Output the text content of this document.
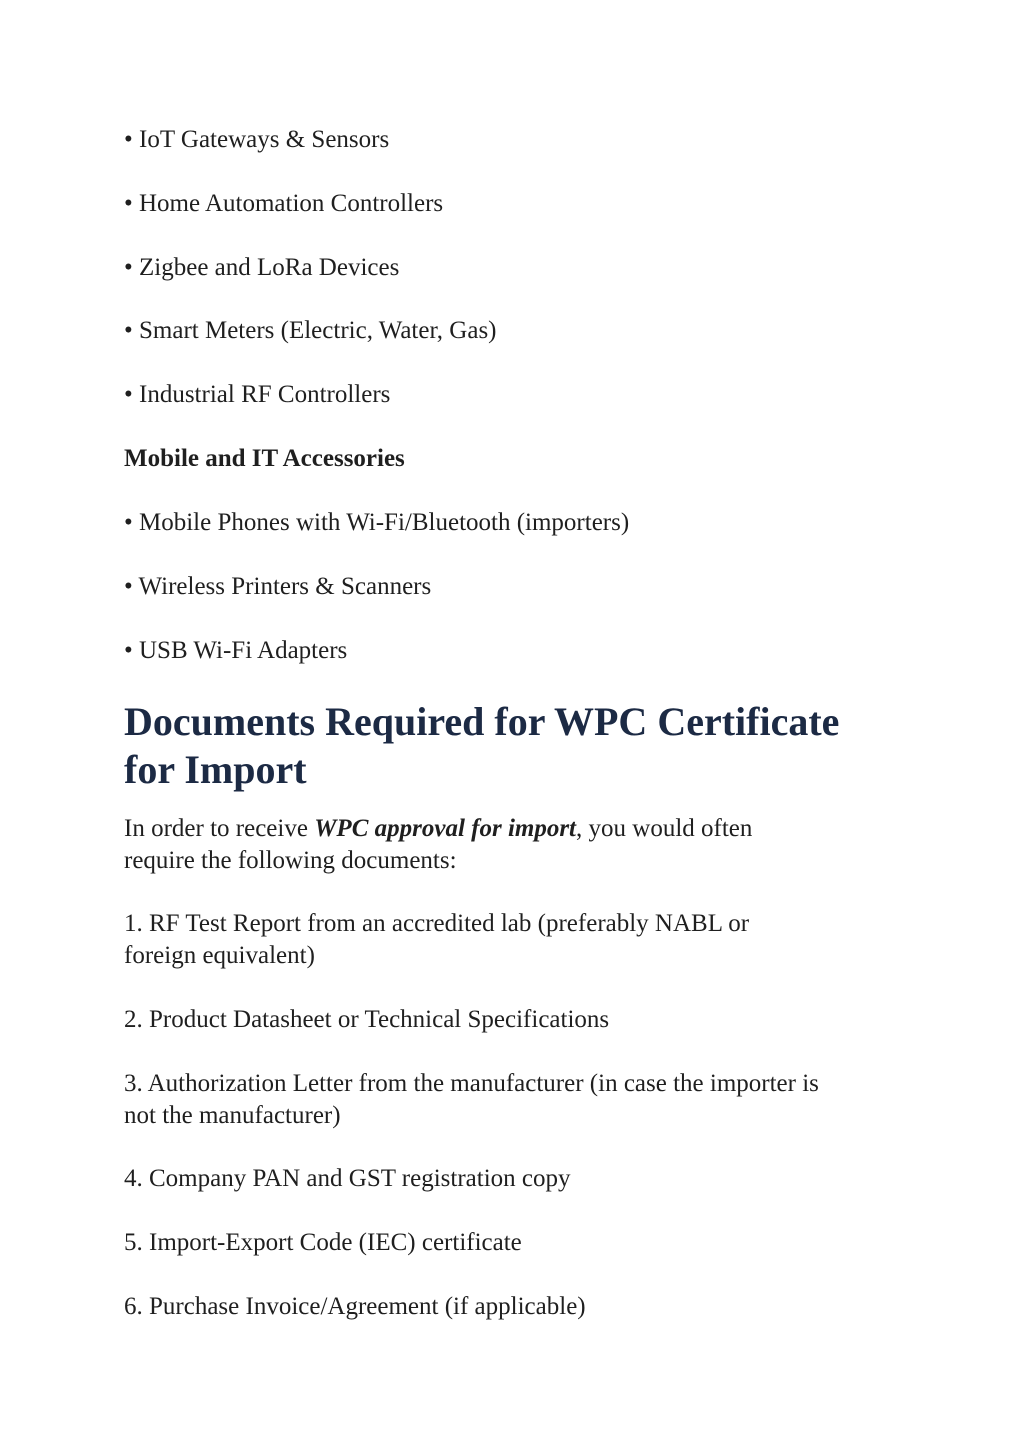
• IoT Gateways & Sensors

• Home Automation Controllers

• Zigbee and LoRa Devices

• Smart Meters (Electric, Water, Gas)

• Industrial RF Controllers

Mobile and IT Accessories

• Mobile Phones with Wi-Fi/Bluetooth (importers)

• Wireless Printers & Scanners

• USB Wi-Fi Adapters

Documents Required for WPC Certificate
for Import

In order to receive WPC approval for import, you would often
require the following documents:

1. RF Test Report from an accredited lab (preferably NABL or
foreign equivalent)

2. Product Datasheet or Technical Specifications

3. Authorization Letter from the manufacturer (in case the importer is
not the manufacturer)

4. Company PAN and GST registration copy

5. Import-Export Code (IEC) certificate

6. Purchase Invoice/Agreement (if applicable)
